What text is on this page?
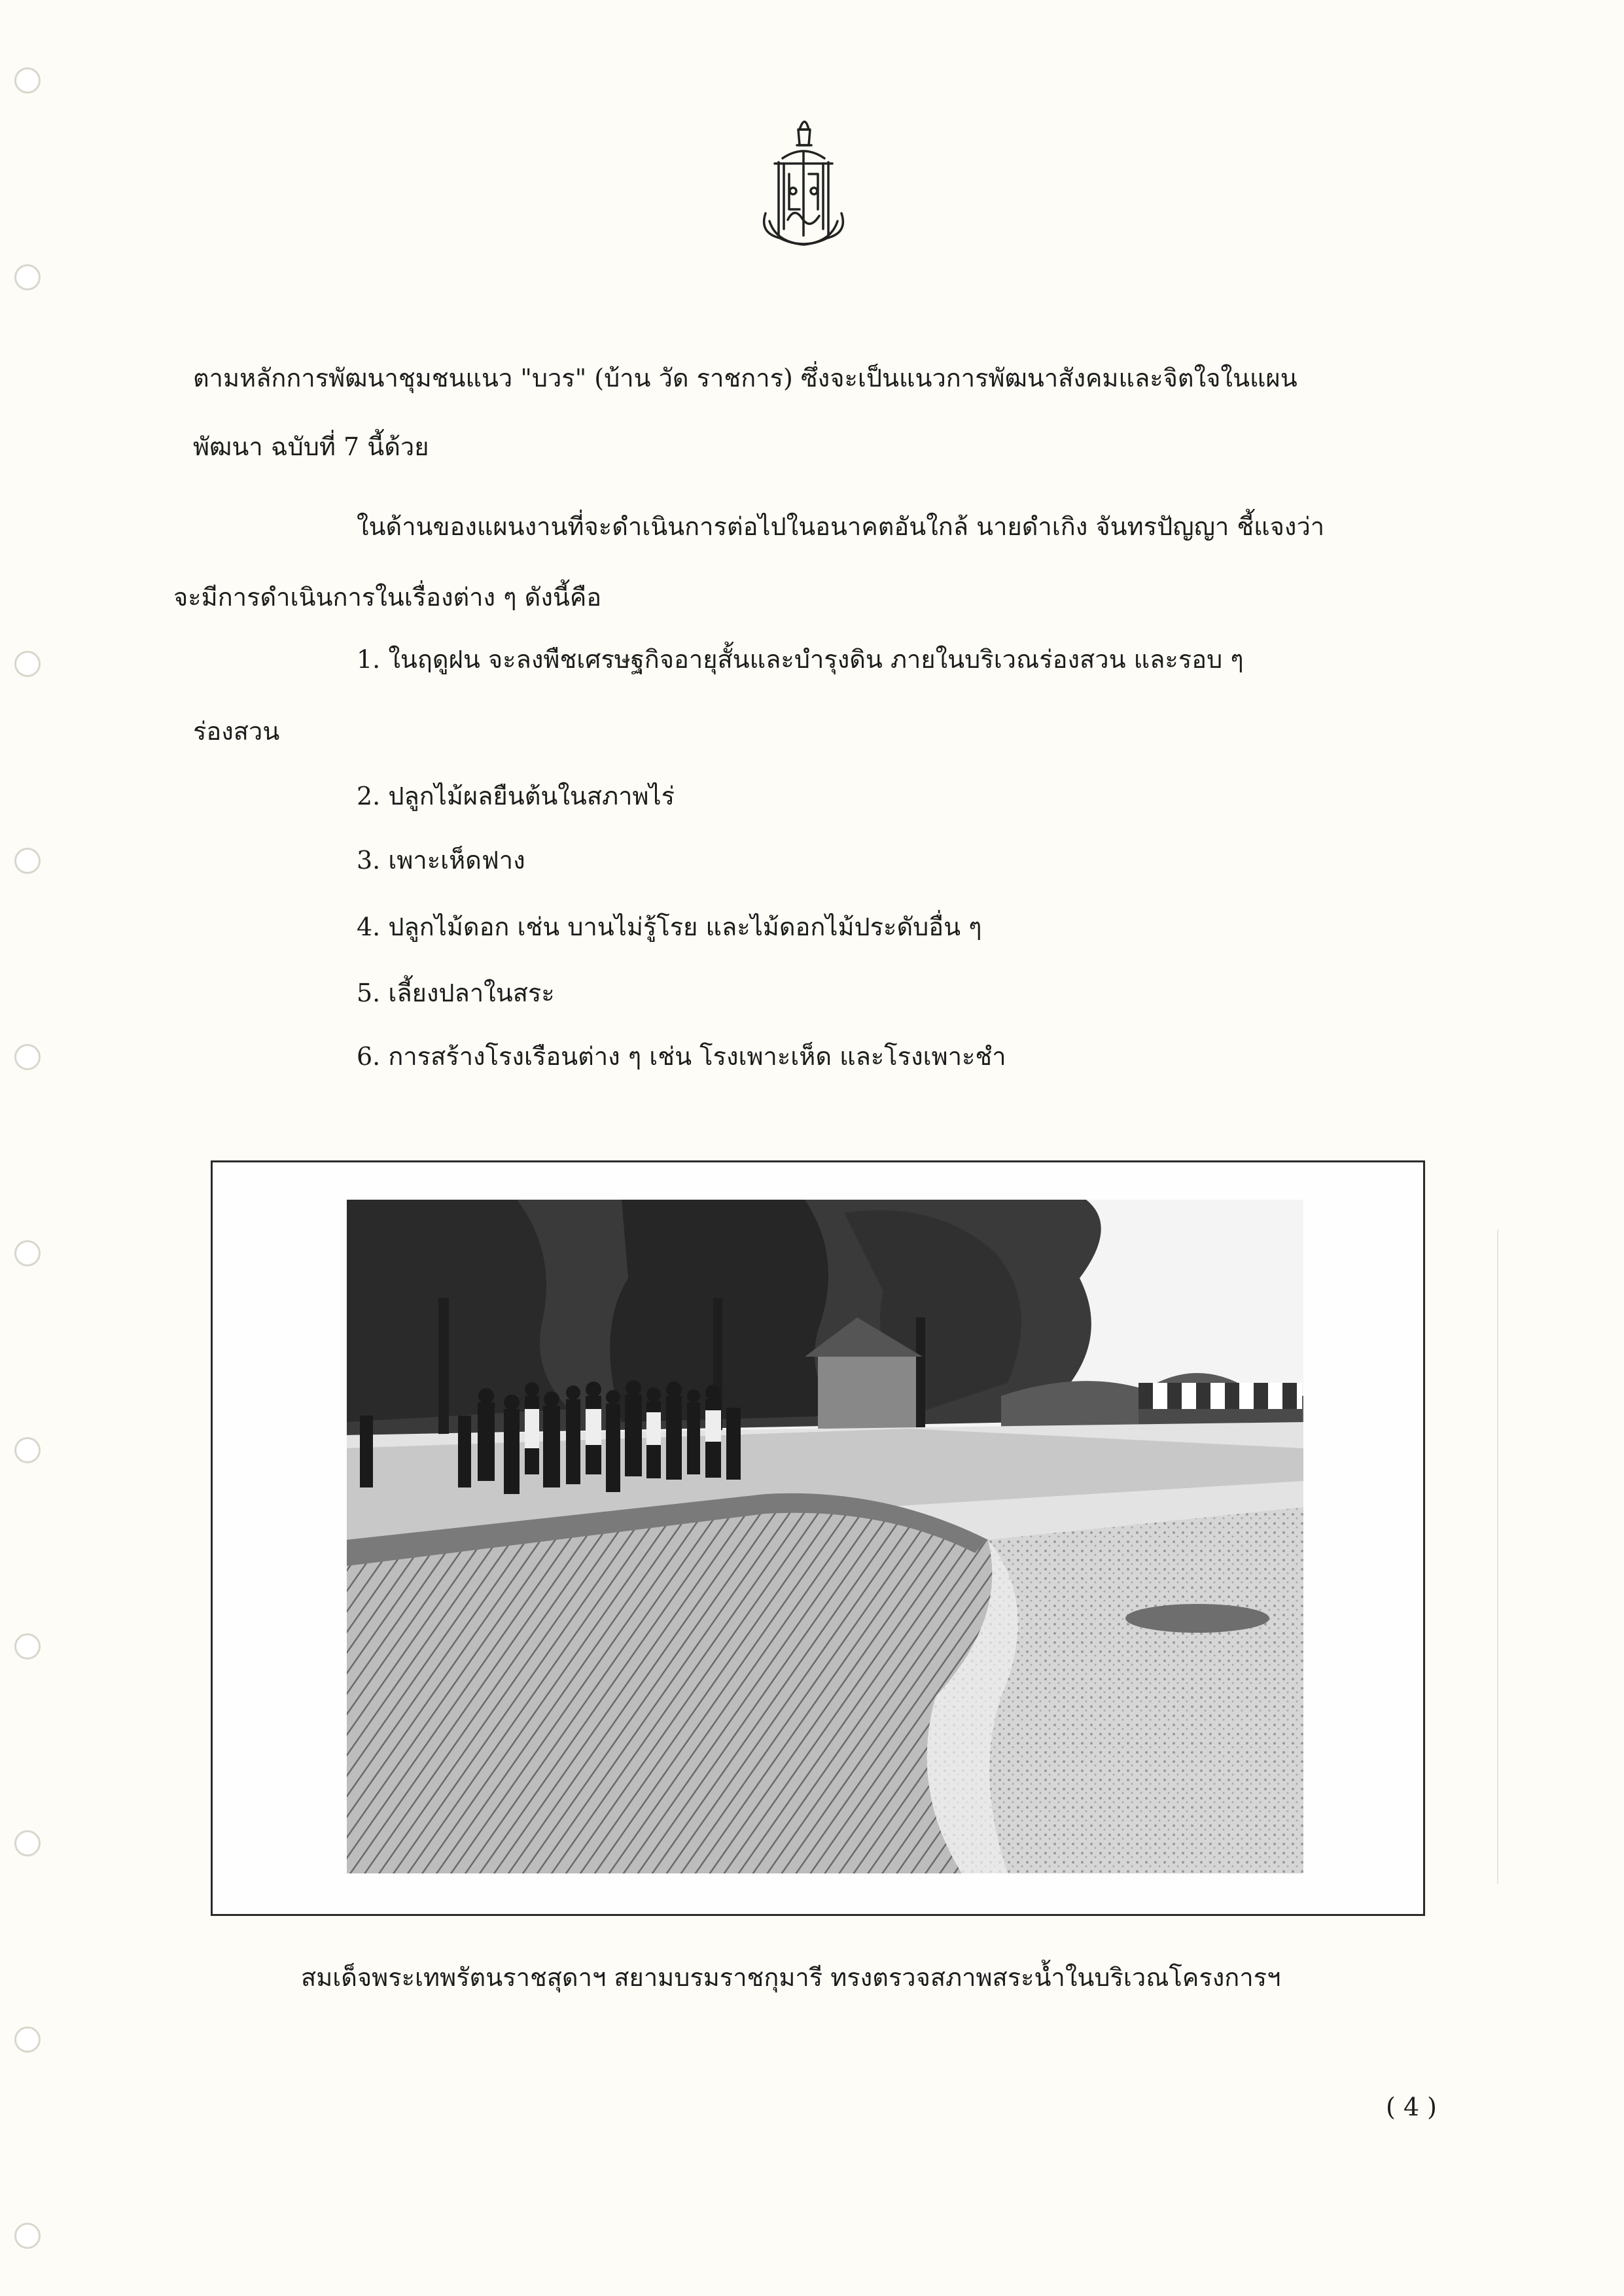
ตามหลักการพัฒนาชุมชนแนว "บวร" (บ้าน วัด ราชการ) ซึ่งจะเป็นแนวการพัฒนาสังคมและจิตใจในแผน
พัฒนา ฉบับที่ 7 นี้ด้วย
ในด้านของแผนงานที่จะดำเนินการต่อไปในอนาคตอันใกล้ นายดำเกิง จันทรปัญญา ชี้แจงว่า
จะมีการดำเนินการในเรื่องต่าง ๆ ดังนี้คือ
1. ในฤดูฝน จะลงพืชเศรษฐกิจอายุสั้นและบำรุงดิน ภายในบริเวณร่องสวน และรอบ ๆ
ร่องสวน
2. ปลูกไม้ผลยืนต้นในสภาพไร่
3. เพาะเห็ดฟาง
4. ปลูกไม้ดอก เช่น บานไม่รู้โรย และไม้ดอกไม้ประดับอื่น ๆ
5. เลี้ยงปลาในสระ
6. การสร้างโรงเรือนต่าง ๆ เช่น โรงเพาะเห็ด และโรงเพาะชำ
สมเด็จพระเทพรัตนราชสุดาฯ สยามบรมราชกุมารี ทรงตรวจสภาพสระน้ำในบริเวณโครงการฯ
( 4 )
